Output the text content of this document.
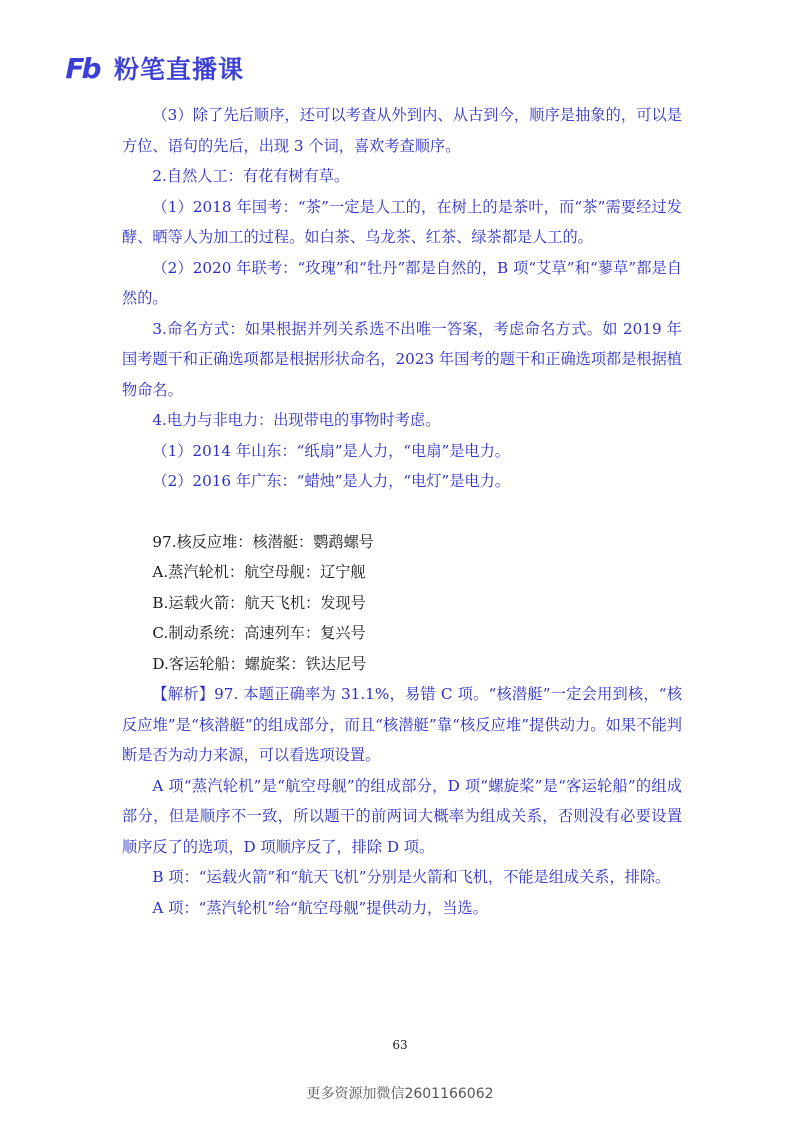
Fb 粉笔直播课

（3）除了先后顺序，还可以考查从外到内、从古到今，顺序是抽象的，可以是方位、语句的先后，出现 3 个词，喜欢考查顺序。

2.自然人工：有花有树有草。

（1）2018 年国考：“茶”一定是人工的，在树上的是茶叶，而“茶”需要经过发酵、晒等人为加工的过程。如白茶、乌龙茶、红茶、绿茶都是人工的。

（2）2020 年联考：“玫瑰”和“牡丹”都是自然的，B 项“艾草”和“蓼草”都是自然的。

3.命名方式：如果根据并列关系选不出唯一答案，考虑命名方式。如 2019 年国考题干和正确选项都是根据形状命名，2023 年国考的题干和正确选项都是根据植物命名。

4.电力与非电力：出现带电的事物时考虑。

（1）2014 年山东：“纸扇”是人力，“电扇”是电力。

（2）2016 年广东：“蜡烛”是人力，“电灯”是电力。

97.核反应堆：核潜艇：鹦鹉螺号

A.蒸汽轮机：航空母舰：辽宁舰

B.运载火箭：航天飞机：发现号

C.制动系统：高速列车：复兴号

D.客运轮船：螺旋桨：铁达尼号

【解析】97. 本题正确率为 31.1%，易错 C 项。“核潜艇”一定会用到核，“核反应堆”是“核潜艇”的组成部分，而且“核潜艇”靠“核反应堆”提供动力。如果不能判断是否为动力来源，可以看选项设置。

A 项“蒸汽轮机”是“航空母舰”的组成部分，D 项“螺旋桨”是“客运轮船”的组成部分，但是顺序不一致，所以题干的前两词大概率为组成关系，否则没有必要设置顺序反了的选项，D 项顺序反了，排除 D 项。

B 项：“运载火箭”和“航天飞机”分别是火箭和飞机，不能是组成关系，排除。

A 项：“蒸汽轮机”给“航空母舰”提供动力，当选。

63
更多资源加微信2601166062
